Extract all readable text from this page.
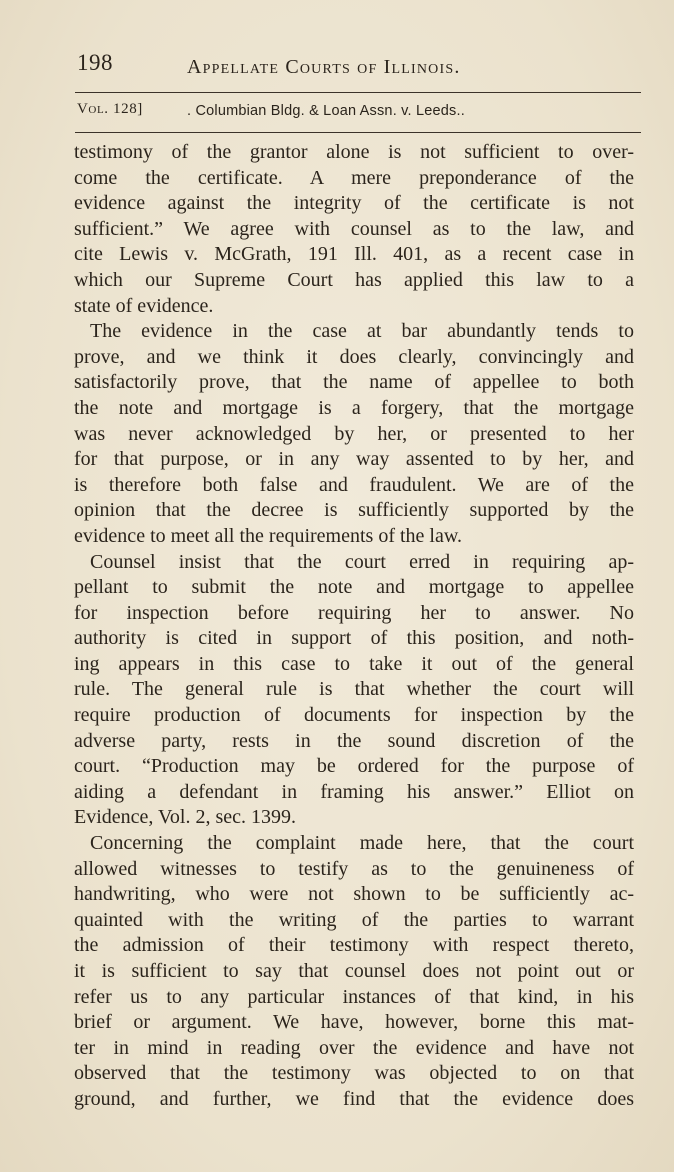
198	Appellate Courts of Illinois.
Vol. 128]	. Columbian Bldg. & Loan Assn. v. Leeds..
testimony of the grantor alone is not sufficient to over-
come the certificate. A mere preponderance of the
evidence against the integrity of the certificate is not
sufficient.” We agree with counsel as to the law, and
cite Lewis v. McGrath, 191 Ill. 401, as a recent case in
which our Supreme Court has applied this law to a
state of evidence.
The evidence in the case at bar abundantly tends to
prove, and we think it does clearly, convincingly and
satisfactorily prove, that the name of appellee to both
the note and mortgage is a forgery, that the mortgage
was never acknowledged by her, or presented to her
for that purpose, or in any way assented to by her, and
is therefore both false and fraudulent. We are of the
opinion that the decree is sufficiently supported by the
evidence to meet all the requirements of the law.
Counsel insist that the court erred in requiring ap-
pellant to submit the note and mortgage to appellee
for inspection before requiring her to answer. No
authority is cited in support of this position, and noth-
ing appears in this case to take it out of the general
rule. The general rule is that whether the court will
require production of documents for inspection by the
adverse party, rests in the sound discretion of the
court. “Production may be ordered for the purpose of
aiding a defendant in framing his answer.” Elliot on
Evidence, Vol. 2, sec. 1399.
Concerning the complaint made here, that the court
allowed witnesses to testify as to the genuineness of
handwriting, who were not shown to be sufficiently ac-
quainted with the writing of the parties to warrant
the admission of their testimony with respect thereto,
it is sufficient to say that counsel does not point out or
refer us to any particular instances of that kind, in his
brief or argument. We have, however, borne this mat-
ter in mind in reading over the evidence and have not
observed that the testimony was objected to on that
ground, and further, we find that the evidence does
